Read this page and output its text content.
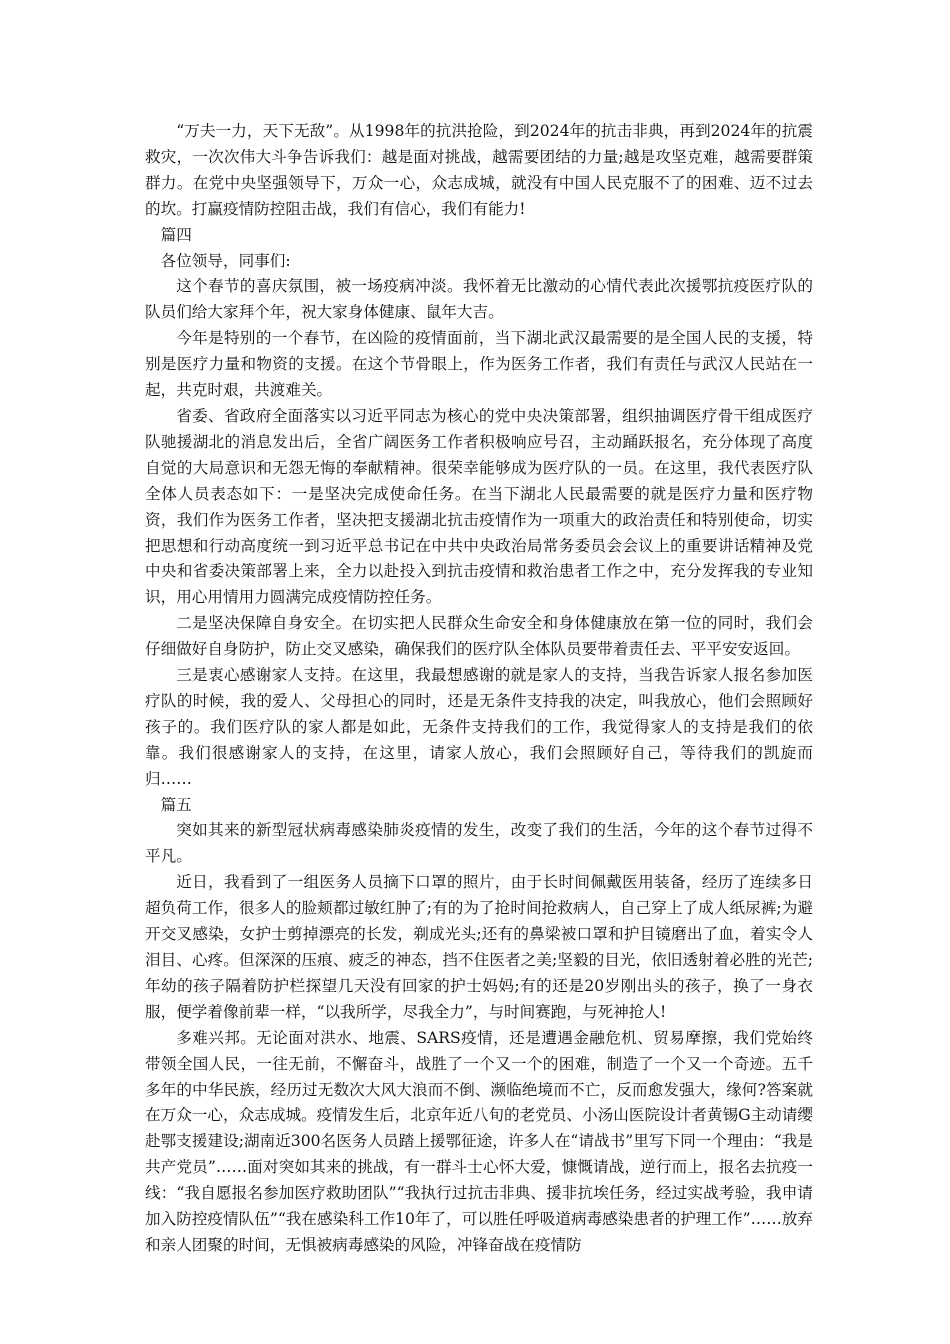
“万夫一力，天下无敌”。从1998年的抗洪抢险，到2024年的抗击非典，再到2024年的抗震救灾，一次次伟大斗争告诉我们：越是面对挑战，越需要团结的力量;越是攻坚克难，越需要群策群力。在党中央坚强领导下，万众一心，众志成城，就没有中国人民克服不了的困难、迈不过去的坎。打赢疫情防控阻击战，我们有信心，我们有能力!

篇四

各位领导，同事们:

这个春节的喜庆氛围，被一场疫病冲淡。我怀着无比激动的心情代表此次援鄂抗疫医疗队的队员们给大家拜个年，祝大家身体健康、鼠年大吉。

今年是特别的一个春节，在凶险的疫情面前，当下湖北武汉最需要的是全国人民的支援，特别是医疗力量和物资的支援。在这个节骨眼上，作为医务工作者，我们有责任与武汉人民站在一起，共克时艰，共渡难关。

省委、省政府全面落实以习近平同志为核心的党中央决策部署，组织抽调医疗骨干组成医疗队驰援湖北的消息发出后，全省广阔医务工作者积极响应号召，主动踊跃报名，充分体现了高度自觉的大局意识和无怨无悔的奉献精神。很荣幸能够成为医疗队的一员。在这里，我代表医疗队全体人员表态如下：一是坚决完成使命任务。在当下湖北人民最需要的就是医疗力量和医疗物资，我们作为医务工作者，坚决把支援湖北抗击疫情作为一项重大的政治责任和特别使命，切实把思想和行动高度统一到习近平总书记在中共中央政治局常务委员会会议上的重要讲话精神及党中央和省委决策部署上来，全力以赴投入到抗击疫情和救治患者工作之中，充分发挥我的专业知识，用心用情用力圆满完成疫情防控任务。

二是坚决保障自身安全。在切实把人民群众生命安全和身体健康放在第一位的同时，我们会仔细做好自身防护，防止交叉感染，确保我们的医疗队全体队员要带着责任去、平平安安返回。

三是衷心感谢家人支持。在这里，我最想感谢的就是家人的支持，当我告诉家人报名参加医疗队的时候，我的爱人、父母担心的同时，还是无条件支持我的决定，叫我放心，他们会照顾好孩子的。我们医疗队的家人都是如此，无条件支持我们的工作，我觉得家人的支持是我们的依靠。我们很感谢家人的支持，在这里，请家人放心，我们会照顾好自己，等待我们的凯旋而归……

篇五

突如其来的新型冠状病毒感染肺炎疫情的发生，改变了我们的生活，今年的这个春节过得不平凡。

近日，我看到了一组医务人员摘下口罩的照片，由于长时间佩戴医用装备，经历了连续多日超负荷工作，很多人的脸颊都过敏红肿了;有的为了抢时间抢救病人，自己穿上了成人纸尿裤;为避开交叉感染，女护士剪掉漂亮的长发，剃成光头;还有的鼻梁被口罩和护目镜磨出了血，着实令人泪目、心疼。但深深的压痕、疲乏的神态，挡不住医者之美;坚毅的目光，依旧透射着必胜的光芒;年幼的孩子隔着防护栏探望几天没有回家的护士妈妈;有的还是20岁刚出头的孩子，换了一身衣服，便学着像前辈一样，“以我所学，尽我全力”，与时间赛跑，与死神抢人!

多难兴邦。无论面对洪水、地震、SARS疫情，还是遭遇金融危机、贸易摩擦，我们党始终带领全国人民，一往无前，不懈奋斗，战胜了一个又一个的困难，制造了一个又一个奇迹。五千多年的中华民族，经历过无数次大风大浪而不倒、濒临绝境而不亡，反而愈发强大，缘何?答案就在万众一心，众志成城。疫情发生后，北京年近八旬的老党员、小汤山医院设计者黄锡G主动请缨赴鄂支援建设;湖南近300名医务人员踏上援鄂征途，许多人在“请战书”里写下同一个理由：“我是共产党员”……面对突如其来的挑战，有一群斗士心怀大爱，慷慨请战，逆行而上，报名去抗疫一线：“我自愿报名参加医疗救助团队”“我执行过抗击非典、援非抗埃任务，经过实战考验，我申请加入防控疫情队伍”“我在感染科工作10年了，可以胜任呼吸道病毒感染患者的护理工作”……放弃和亲人团聚的时间，无惧被病毒感染的风险，冲锋奋战在疫情防
